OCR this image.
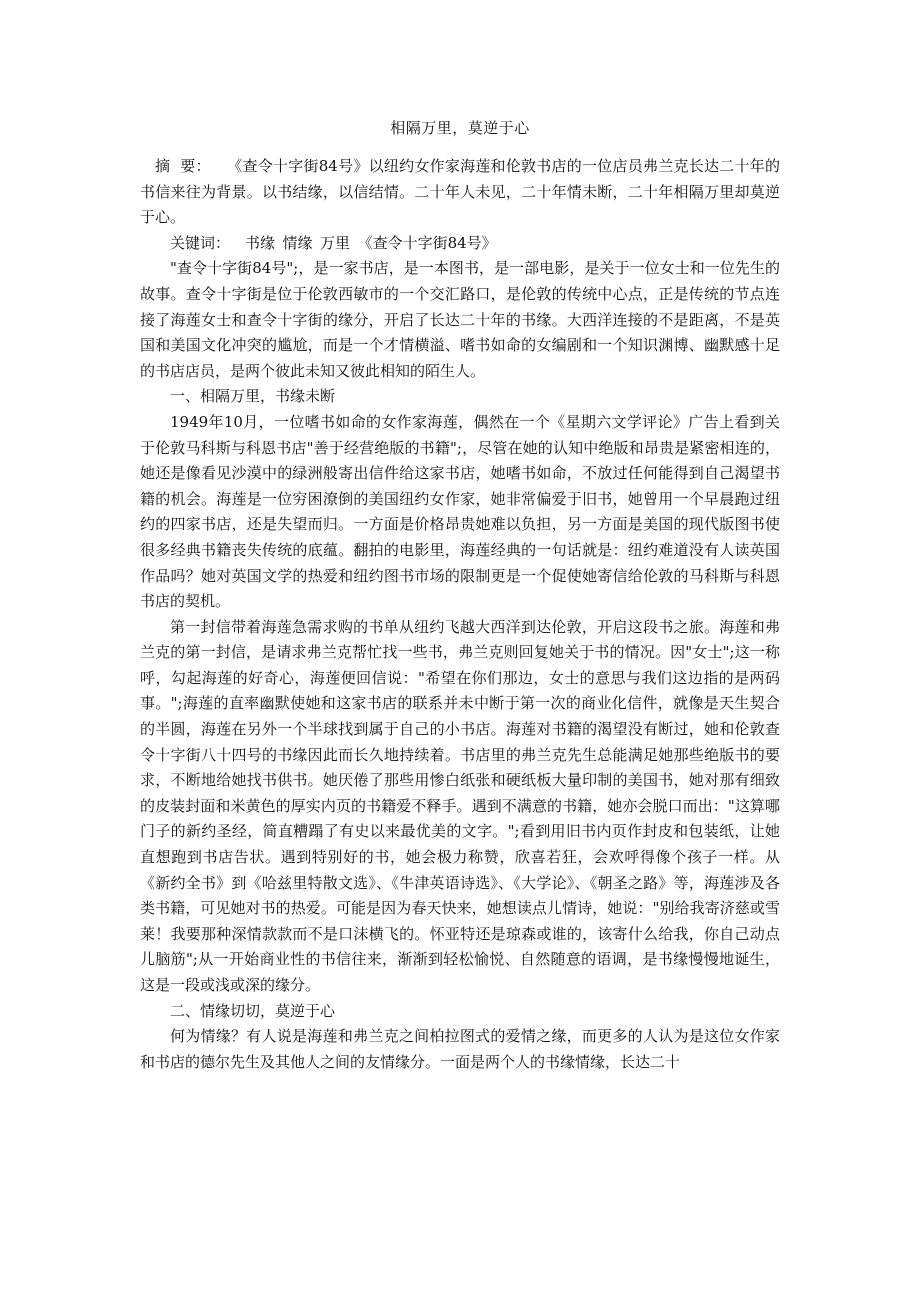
相隔万里，莫逆于心

摘  要： 《查令十字街84号》以纽约女作家海莲和伦敦书店的一位店员弗兰克长达二十年的书信来往为背景。以书结缘，以信结情。二十年人未见，二十年情未断，二十年相隔万里却莫逆于心。

关键词： 书缘 情缘 万里 《查令十字街84号》

"查令十字街84号";，是一家书店，是一本图书，是一部电影，是关于一位女士和一位先生的故事。查令十字街是位于伦敦西敏市的一个交汇路口，是伦敦的传统中心点，正是传统的节点连接了海莲女士和查令十字街的缘分，开启了长达二十年的书缘。大西洋连接的不是距离，不是英国和美国文化冲突的尴尬，而是一个才情横溢、嗜书如命的女编剧和一个知识渊博、幽默感十足的书店店员，是两个彼此未知又彼此相知的陌生人。

一、相隔万里，书缘未断

1949年10月，一位嗜书如命的女作家海莲，偶然在一个《星期六文学评论》广告上看到关于伦敦马科斯与科恩书店"善于经营绝版的书籍";，尽管在她的认知中绝版和昂贵是紧密相连的，她还是像看见沙漠中的绿洲般寄出信件给这家书店，她嗜书如命，不放过任何能得到自己渴望书籍的机会。海莲是一位穷困潦倒的美国纽约女作家，她非常偏爱于旧书，她曾用一个早晨跑过纽约的四家书店，还是失望而归。一方面是价格昂贵她难以负担，另一方面是美国的现代版图书使很多经典书籍丧失传统的底蕴。翻拍的电影里，海莲经典的一句话就是：纽约难道没有人读英国作品吗？她对英国文学的热爱和纽约图书市场的限制更是一个促使她寄信给伦敦的马科斯与科恩书店的契机。

第一封信带着海莲急需求购的书单从纽约飞越大西洋到达伦敦，开启这段书之旅。海莲和弗兰克的第一封信，是请求弗兰克帮忙找一些书，弗兰克则回复她关于书的情况。因"女士";这一称呼，勾起海莲的好奇心，海莲便回信说："希望在你们那边，女士的意思与我们这边指的是两码事。";海莲的直率幽默使她和这家书店的联系并未中断于第一次的商业化信件，就像是天生契合的半圆，海莲在另外一个半球找到属于自己的小书店。海莲对书籍的渴望没有断过，她和伦敦查令十字街八十四号的书缘因此而长久地持续着。书店里的弗兰克先生总能满足她那些绝版书的要求，不断地给她找书供书。她厌倦了那些用惨白纸张和硬纸板大量印制的美国书，她对那有细致的皮装封面和米黄色的厚实内页的书籍爱不释手。遇到不满意的书籍，她亦会脱口而出："这算哪门子的新约圣经，简直糟蹋了有史以来最优美的文字。";看到用旧书内页作封皮和包装纸，让她直想跑到书店告状。遇到特别好的书，她会极力称赞，欣喜若狂，会欢呼得像个孩子一样。从《新约全书》到《哈兹里特散文选》、《牛津英语诗选》、《大学论》、《朝圣之路》等，海莲涉及各类书籍，可见她对书的热爱。可能是因为春天快来，她想读点儿情诗，她说："别给我寄济慈或雪莱！我要那种深情款款而不是口沫横飞的。怀亚特还是琼森或谁的，该寄什么给我，你自己动点儿脑筋";从一开始商业性的书信往来，渐渐到轻松愉悦、自然随意的语调，是书缘慢慢地诞生，这是一段或浅或深的缘分。

二、情缘切切，莫逆于心

何为情缘？有人说是海莲和弗兰克之间柏拉图式的爱情之缘，而更多的人认为是这位女作家和书店的德尔先生及其他人之间的友情缘分。一面是两个人的书缘情缘，长达二十
